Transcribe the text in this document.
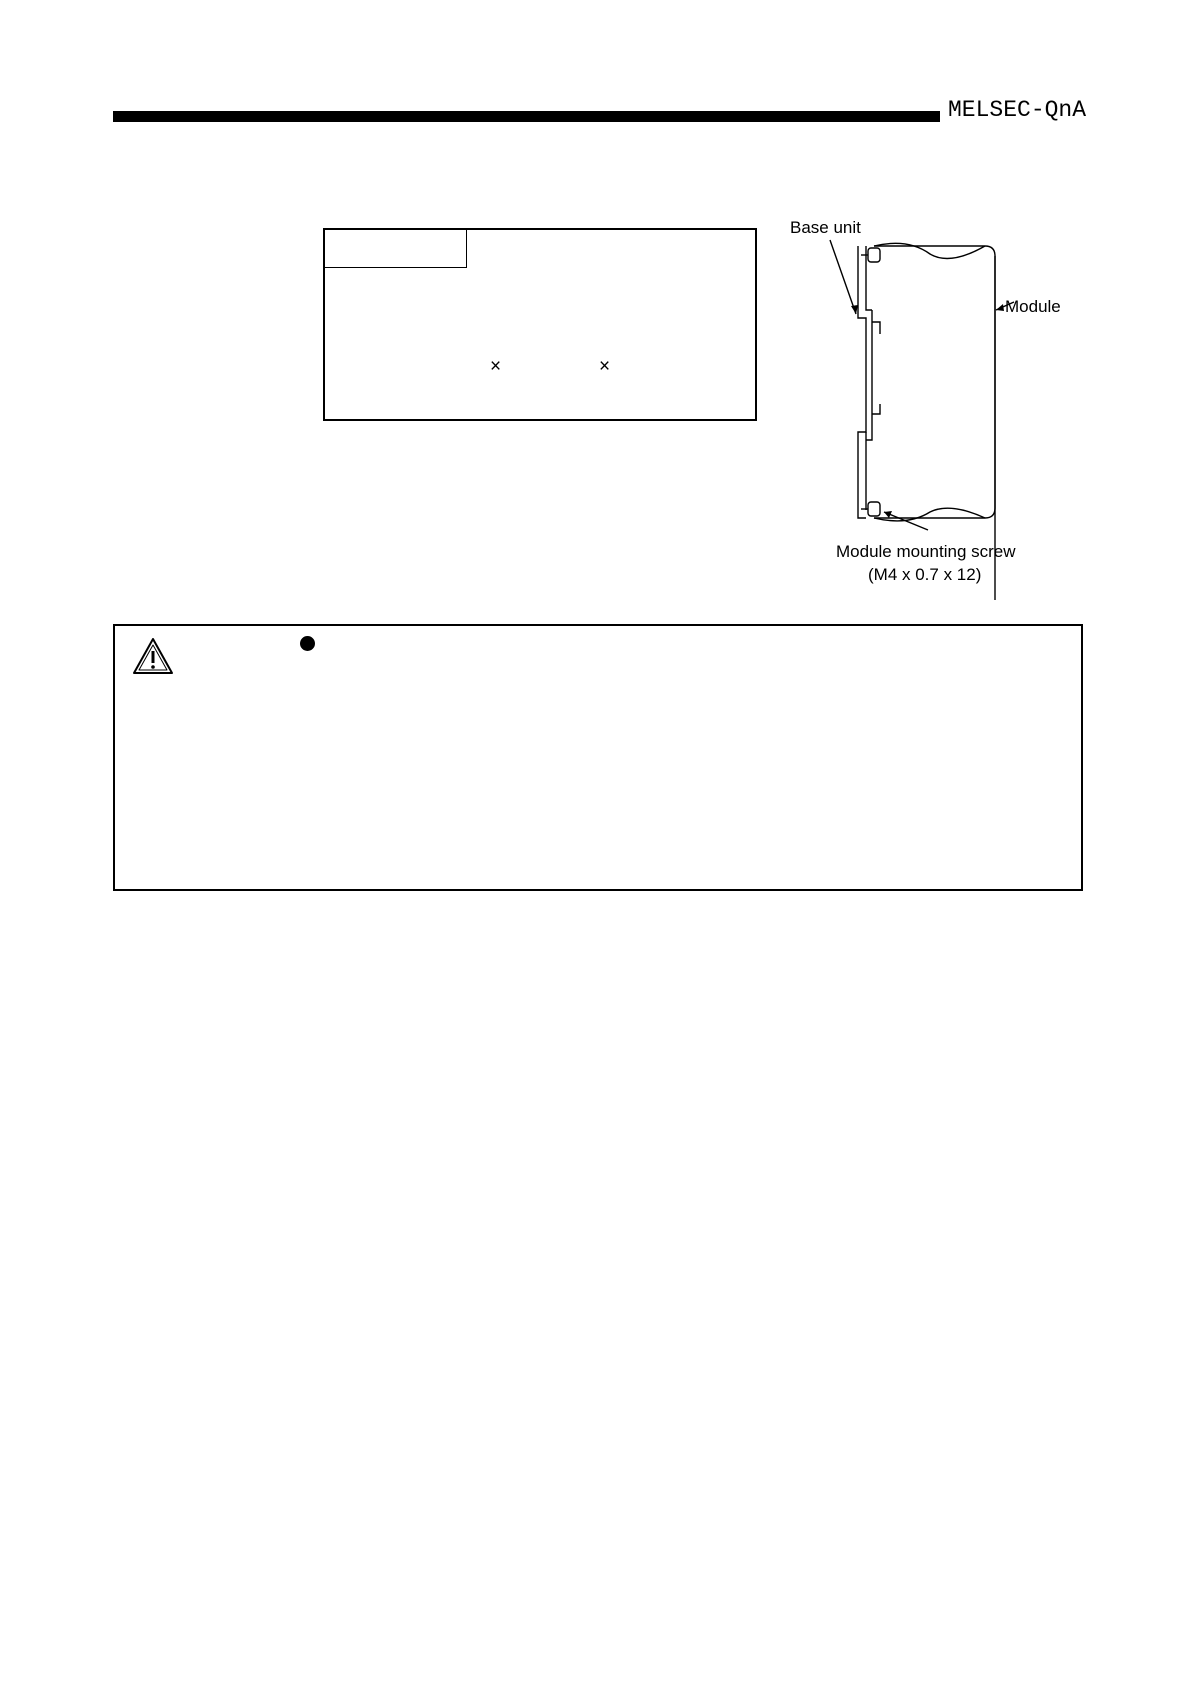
MELSEC-QnA
×	×
Base unit
Module
Module mounting screw
(M4 x 0.7 x 12)
